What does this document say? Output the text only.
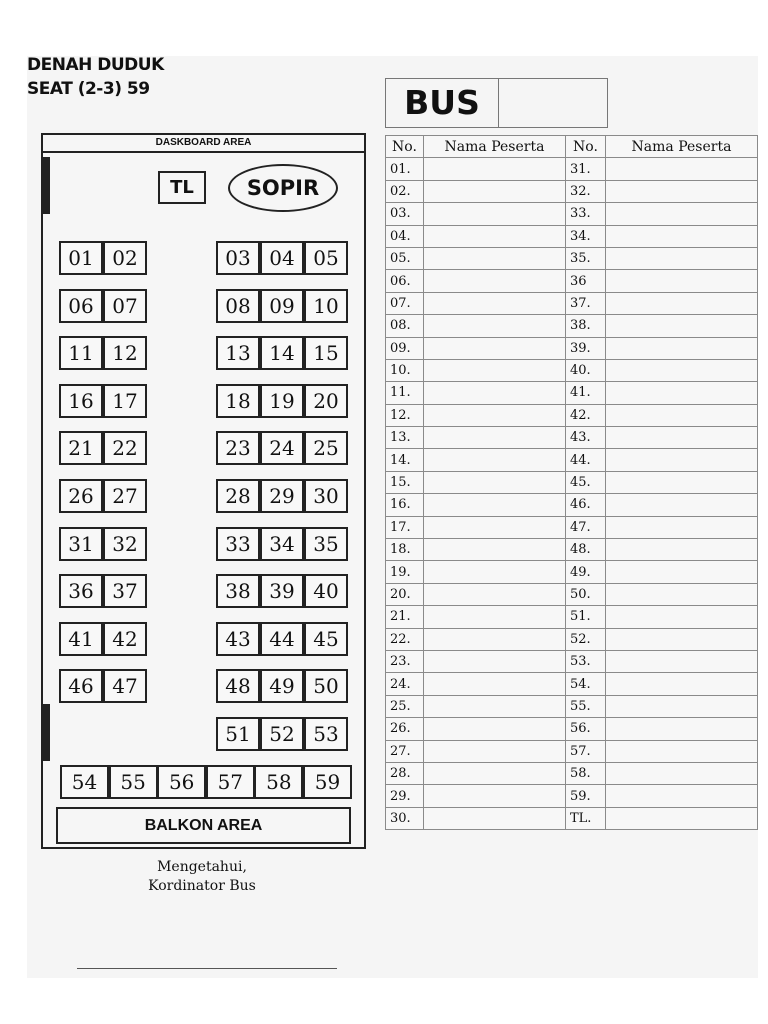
DENAH DUDUK
SEAT (2-3) 59
DASKBOARD AREA
TL	SOPIR
01 02	03 04 05
06 07	08 09 10
11 12	13 14 15
16 17	18 19 20
21 22	23 24 25
26 27	28 29 30
31 32	33 34 35
36 37	38 39 40
41 42	43 44 45
46 47	48 49 50
51 52 53
54	55	56	57	58	59
BALKON AREA
Mengetahui,
Kordinator Bus
BUS
No.	Nama Peserta	No.	Nama Peserta
01.		31.	
02.		32.	
03.		33.	
04.		34.	
05.		35.	
06.		36	
07.		37.	
08.		38.	
09.		39.	
10.		40.	
11.		41.	
12.		42.	
13.		43.	
14.		44.	
15.		45.	
16.		46.	
17.		47.	
18.		48.	
19.		49.	
20.		50.	
21.		51.	
22.		52.	
23.		53.	
24.		54.	
25.		55.	
26.		56.	
27.		57.	
28.		58.	
29.		59.	
30.		TL.	
